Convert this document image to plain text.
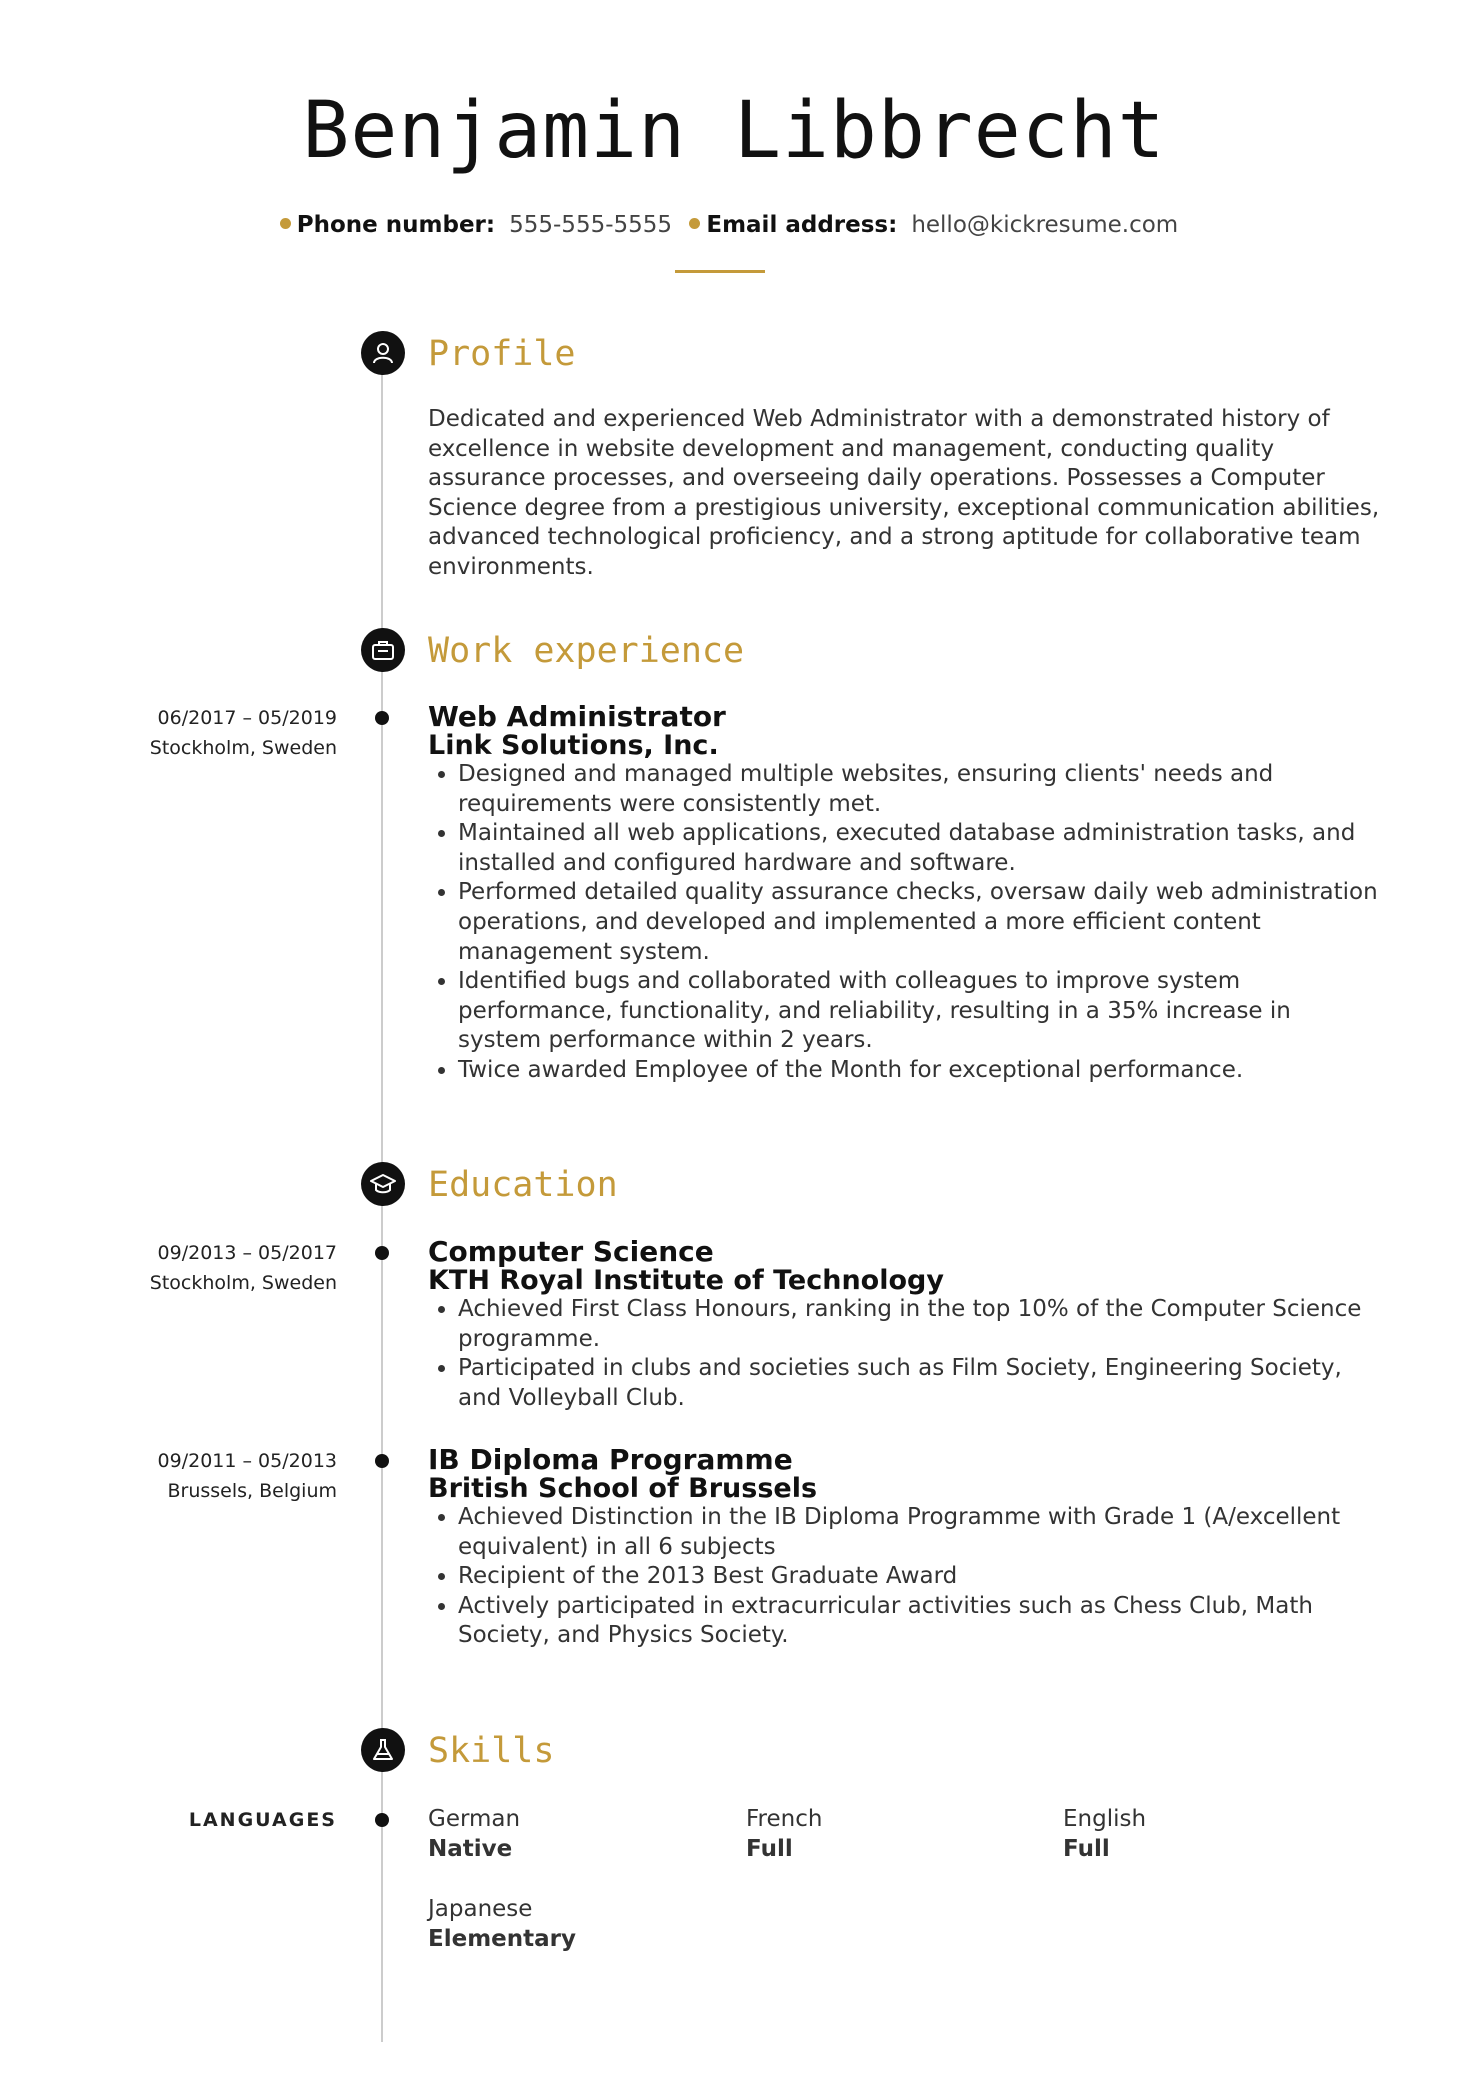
Benjamin Libbrecht
Phone number: 555-555-5555 Email address: hello@kickresume.com
Profile
Dedicated and experienced Web Administrator with a demonstrated history of excellence in website development and management, conducting quality assurance processes, and overseeing daily operations. Possesses a Computer Science degree from a prestigious university, exceptional communication abilities, advanced technological proficiency, and a strong aptitude for collaborative team environments.
Work experience
06/2017 – 05/2019
Stockholm, Sweden
Web Administrator
Link Solutions, Inc.
• Designed and managed multiple websites, ensuring clients' needs and requirements were consistently met.
• Maintained all web applications, executed database administration tasks, and installed and configured hardware and software.
• Performed detailed quality assurance checks, oversaw daily web administration operations, and developed and implemented a more efficient content management system.
• Identified bugs and collaborated with colleagues to improve system performance, functionality, and reliability, resulting in a 35% increase in system performance within 2 years.
• Twice awarded Employee of the Month for exceptional performance.
Education
09/2013 – 05/2017
Stockholm, Sweden
Computer Science
KTH Royal Institute of Technology
• Achieved First Class Honours, ranking in the top 10% of the Computer Science programme.
• Participated in clubs and societies such as Film Society, Engineering Society, and Volleyball Club.
09/2011 – 05/2013
Brussels, Belgium
IB Diploma Programme
British School of Brussels
• Achieved Distinction in the IB Diploma Programme with Grade 1 (A/excellent equivalent) in all 6 subjects
• Recipient of the 2013 Best Graduate Award
• Actively participated in extracurricular activities such as Chess Club, Math Society, and Physics Society.
Skills
LANGUAGES	German
Native
French
Full
English
Full
Japanese
Elementary
